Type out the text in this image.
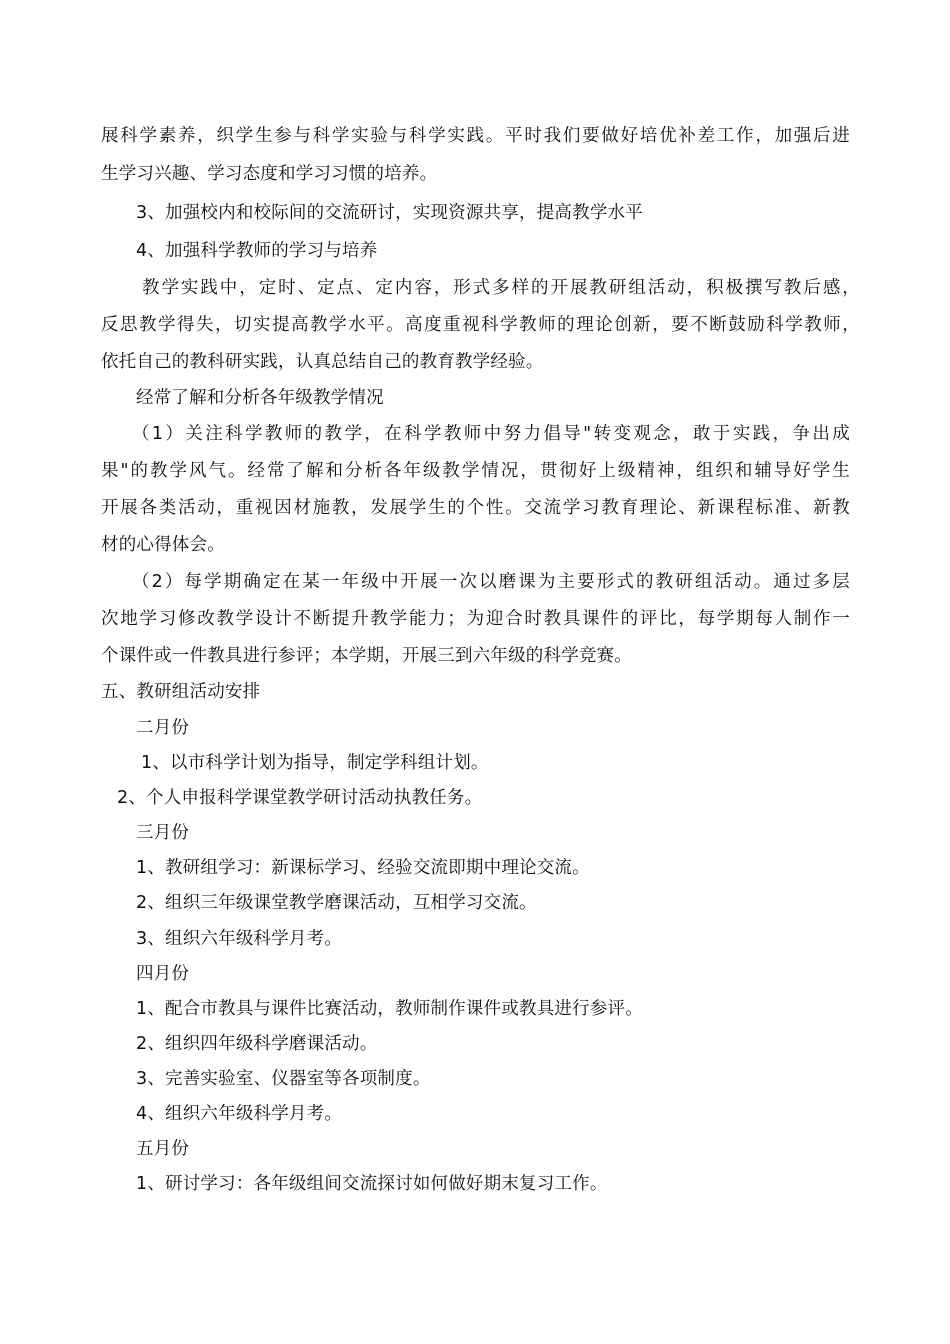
展科学素养，织学生参与科学实验与科学实践。平时我们要做好培优补差工作，加强后进
生学习兴趣、学习态度和学习习惯的培养。
3、加强校内和校际间的交流研讨，实现资源共享，提高教学水平
4、加强科学教师的学习与培养
教学实践中，定时、定点、定内容，形式多样的开展教研组活动，积极撰写教后感，
反思教学得失，切实提高教学水平。高度重视科学教师的理论创新，要不断鼓励科学教师，
依托自己的教科研实践，认真总结自己的教育教学经验。
经常了解和分析各年级教学情况
（1）关注科学教师的教学，在科学教师中努力倡导"转变观念，敢于实践，争出成
果"的教学风气。经常了解和分析各年级教学情况，贯彻好上级精神，组织和辅导好学生
开展各类活动，重视因材施教，发展学生的个性。交流学习教育理论、新课程标准、新教
材的心得体会。
（2）每学期确定在某一年级中开展一次以磨课为主要形式的教研组活动。通过多层
次地学习修改教学设计不断提升教学能力；为迎合时教具课件的评比，每学期每人制作一
个课件或一件教具进行参评；本学期，开展三到六年级的科学竞赛。
五、教研组活动安排
二月份
1、以市科学计划为指导，制定学科组计划。
2、个人申报科学课堂教学研讨活动执教任务。
三月份
1、教研组学习：新课标学习、经验交流即期中理论交流。
2、组织三年级课堂教学磨课活动，互相学习交流。
3、组织六年级科学月考。
四月份
1、配合市教具与课件比赛活动，教师制作课件或教具进行参评。
2、组织四年级科学磨课活动。
3、完善实验室、仪器室等各项制度。
4、组织六年级科学月考。
五月份
1、研讨学习：各年级组间交流探讨如何做好期末复习工作。
